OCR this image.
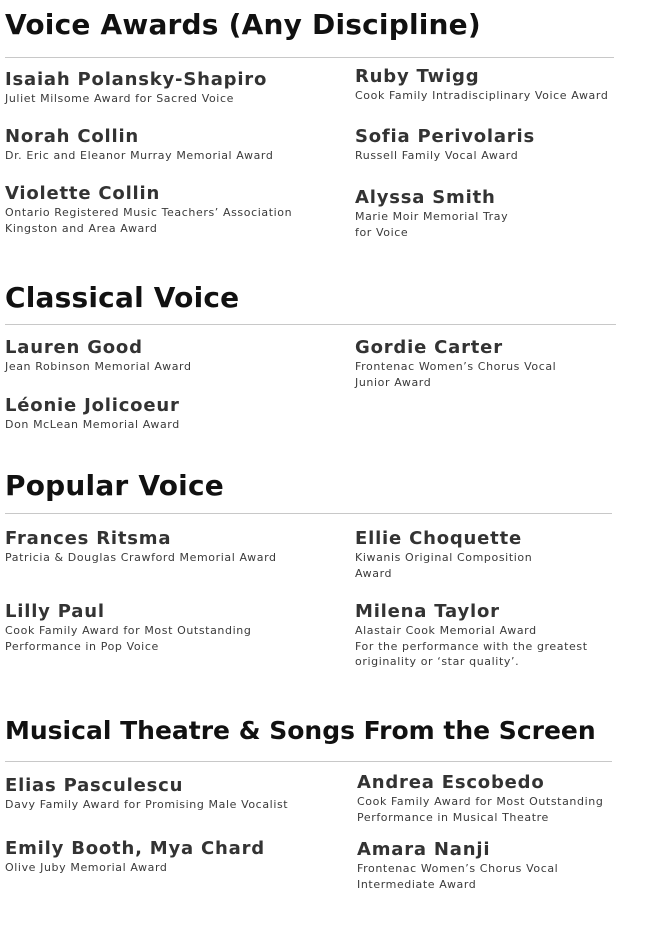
Voice Awards (Any Discipline)
Isaiah Polansky-Shapiro
Juliet Milsome Award for Sacred Voice
Ruby Twigg
Cook Family Intradisciplinary Voice Award
Norah Collin
Dr. Eric and Eleanor Murray Memorial Award
Sofia Perivolaris
Russell Family Vocal Award
Violette Collin
Ontario Registered Music Teachers’ Association
Kingston and Area Award
Alyssa Smith
Marie Moir Memorial Tray
for Voice
Classical Voice
Lauren Good
Jean Robinson Memorial Award
Gordie Carter
Frontenac Women’s Chorus Vocal
Junior Award
Léonie Jolicoeur
Don McLean Memorial Award
Popular Voice
Frances Ritsma
Patricia & Douglas Crawford Memorial Award
Ellie Choquette
Kiwanis Original Composition
Award
Lilly Paul
Cook Family Award for Most Outstanding
Performance in Pop Voice
Milena Taylor
Alastair Cook Memorial Award
For the performance with the greatest
originality or ‘star quality’.
Musical Theatre & Songs From the Screen
Elias Pasculescu
Davy Family Award for Promising Male Vocalist
Andrea Escobedo
Cook Family Award for Most Outstanding
Performance in Musical Theatre
Emily Booth, Mya Chard
Olive Juby Memorial Award
Amara Nanji
Frontenac Women’s Chorus Vocal
Intermediate Award
